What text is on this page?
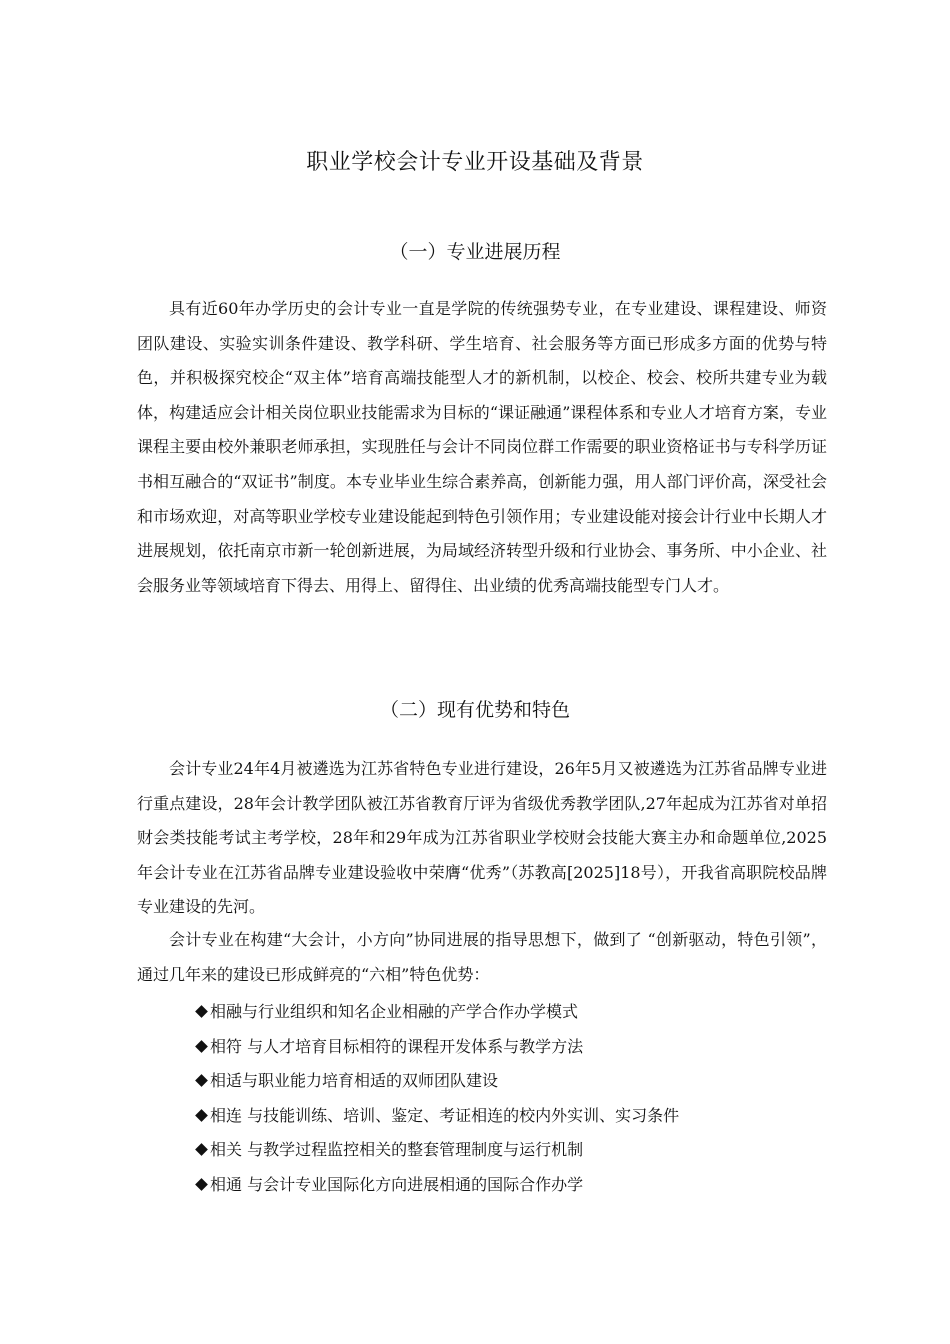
职业学校会计专业开设基础及背景
（一）专业进展历程

具有近60年办学历史的会计专业一直是学院的传统强势专业，在专业建设、课程建设、师资团队建设、实验实训条件建设、教学科研、学生培育、社会服务等方面已形成多方面的优势与特色，并积极探究校企“双主体”培育高端技能型人才的新机制，以校企、校会、校所共建专业为载体，构建适应会计相关岗位职业技能需求为目标的“课证融通”课程体系和专业人才培育方案，专业课程主要由校外兼职老师承担，实现胜任与会计不同岗位群工作需要的职业资格证书与专科学历证书相互融合的“双证书”制度。本专业毕业生综合素养高，创新能力强，用人部门评价高，深受社会和市场欢迎，对高等职业学校专业建设能起到特色引领作用；专业建设能对接会计行业中长期人才进展规划，依托南京市新一轮创新进展，为局域经济转型升级和行业协会、事务所、中小企业、社会服务业等领域培育下得去、用得上、留得住、出业绩的优秀高端技能型专门人才。

（二）现有优势和特色

会计专业24年4月被遴选为江苏省特色专业进行建设，26年5月又被遴选为江苏省品牌专业进行重点建设，28年会计教学团队被江苏省教育厅评为省级优秀教学团队,27年起成为江苏省对单招财会类技能考试主考学校，28年和29年成为江苏省职业学校财会技能大赛主办和命题单位,2025年会计专业在江苏省品牌专业建设验收中荣膺“优秀”（苏教高[2025]18号），开我省高职院校品牌专业建设的先河。

会计专业在构建“大会计，小方向”协同进展的指导思想下，做到了 “创新驱动，特色引领”，通过几年来的建设已形成鲜亮的“六相”特色优势：

相融与行业组织和知名企业相融的产学合作办学模式
相符 与人才培育目标相符的课程开发体系与教学方法
相适与职业能力培育相适的双师团队建设
相连 与技能训练、培训、鉴定、考证相连的校内外实训、实习条件
相关 与教学过程监控相关的整套管理制度与运行机制
相通 与会计专业国际化方向进展相通的国际合作办学
